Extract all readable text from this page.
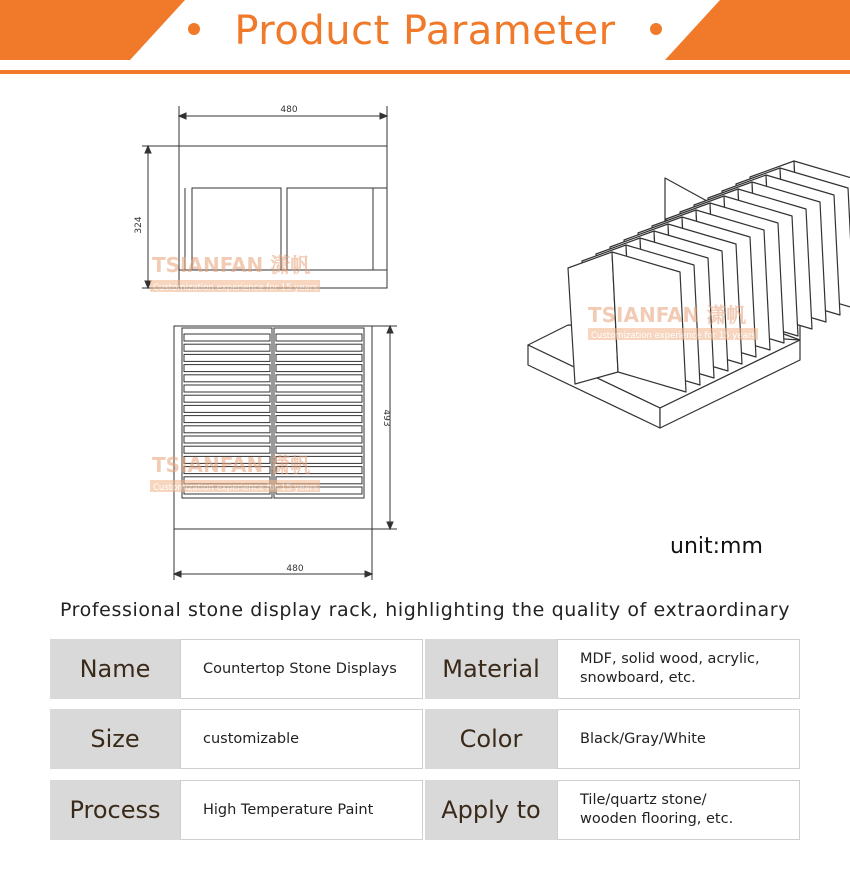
Product Parameter
480
324
493
480
TSIANFAN 潇帆
Customization experience for 15 years
TSIANFAN 潇帆
Customization experience for 15 years
TSIANFAN 潇帆
Customization experience for 15 years
unit:mm
Professional stone display rack, highlighting the quality of extraordinary
Name	Countertop Stone Displays	Material	MDF, solid wood, acrylic,
snowboard, etc.
Size	customizable	Color	Black/Gray/White
Process	High Temperature Paint	Apply to	Tile/quartz stone/
wooden flooring, etc.
